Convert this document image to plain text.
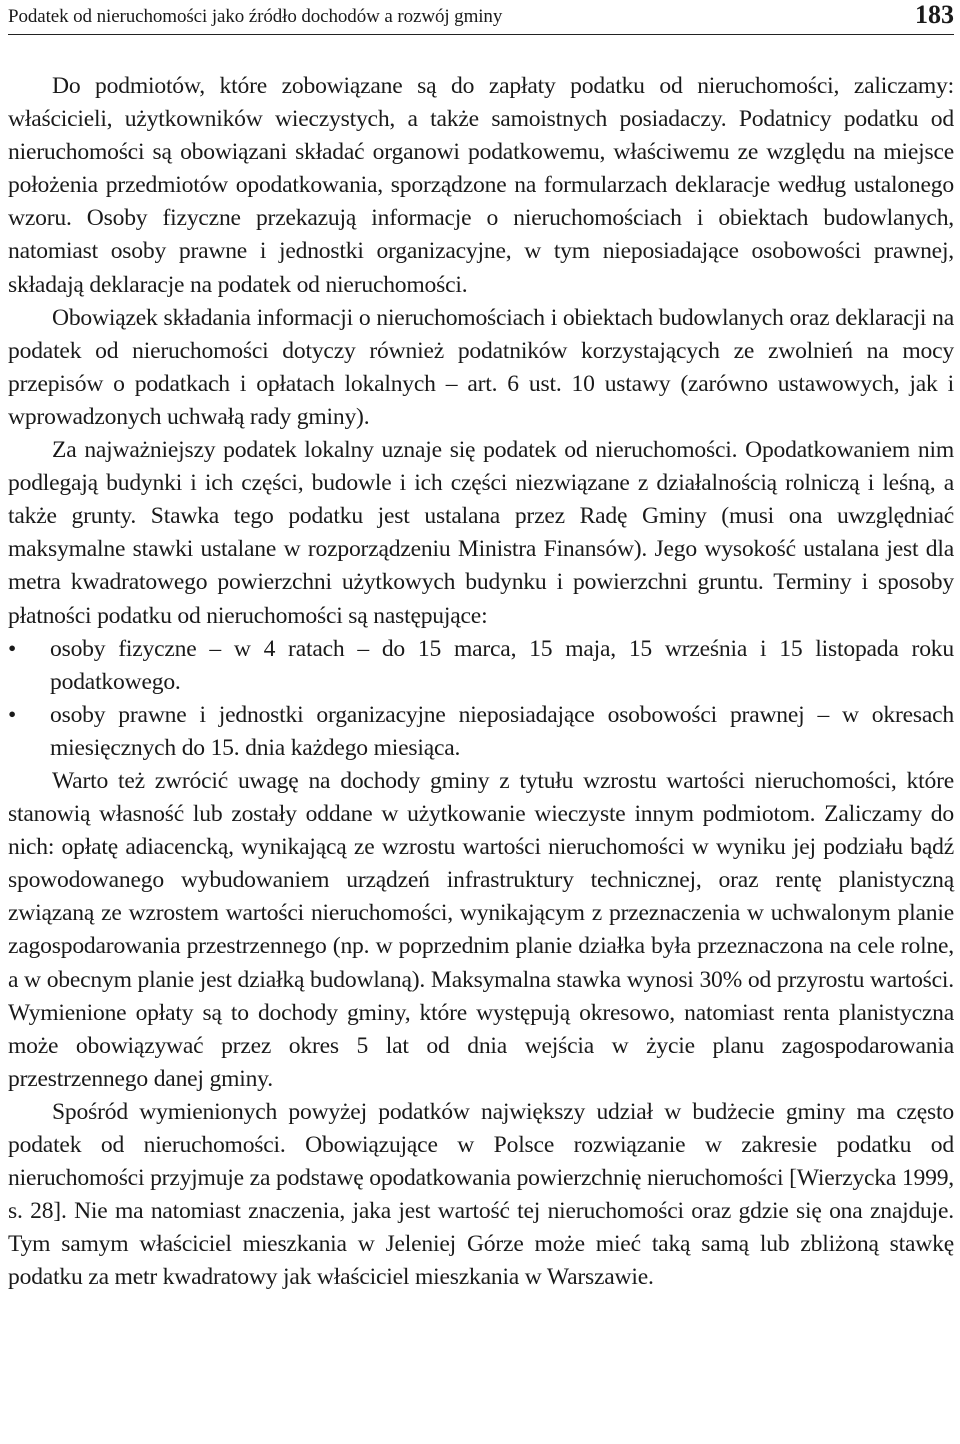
Podatek od nieruchomości jako źródło dochodów a rozwój gminy	183

Do podmiotów, które zobowiązane są do zapłaty podatku od nieruchomości, zaliczamy: właścicieli, użytkowników wieczystych, a także samoistnych posiadaczy. Podatnicy podatku od nieruchomości są obowiązani składać organowi podatkowemu, właściwemu ze względu na miejsce położenia przedmiotów opodatkowania, sporządzone na formularzach deklaracje według ustalonego wzoru. Osoby fizyczne przekazują informacje o nieruchomościach i obiektach budowlanych, natomiast osoby prawne i jednostki organizacyjne, w tym nieposiadające osobowości prawnej, składają deklaracje na podatek od nieruchomości.

Obowiązek składania informacji o nieruchomościach i obiektach budowlanych oraz deklaracji na podatek od nieruchomości dotyczy również podatników korzystających ze zwolnień na mocy przepisów o podatkach i opłatach lokalnych – art. 6 ust. 10 ustawy (zarówno ustawowych, jak i wprowadzonych uchwałą rady gminy).

Za najważniejszy podatek lokalny uznaje się podatek od nieruchomości. Opodatkowaniem nim podlegają budynki i ich części, budowle i ich części niezwiązane z działalnością rolniczą i leśną, a także grunty. Stawka tego podatku jest ustalana przez Radę Gminy (musi ona uwzględniać maksymalne stawki ustalane w rozporządzeniu Ministra Finansów). Jego wysokość ustalana jest dla metra kwadratowego powierzchni użytkowych budynku i powierzchni gruntu. Terminy i sposoby płatności podatku od nieruchomości są następujące:

• osoby fizyczne – w 4 ratach – do 15 marca, 15 maja, 15 września i 15 listopada roku podatkowego.
• osoby prawne i jednostki organizacyjne nieposiadające osobowości prawnej – w okresach miesięcznych do 15. dnia każdego miesiąca.

Warto też zwrócić uwagę na dochody gminy z tytułu wzrostu wartości nieruchomości, które stanowią własność lub zostały oddane w użytkowanie wieczyste innym podmiotom. Zaliczamy do nich: opłatę adiacencką, wynikającą ze wzrostu wartości nieruchomości w wyniku jej podziału bądź spowodowanego wybudowaniem urządzeń infrastruktury technicznej, oraz rentę planistyczną związaną ze wzrostem wartości nieruchomości, wynikającym z przeznaczenia w uchwalonym planie zagospodarowania przestrzennego (np. w poprzednim planie działka była przeznaczona na cele rolne, a w obecnym planie jest działką budowlaną). Maksymalna stawka wynosi 30% od przyrostu wartości. Wymienione opłaty są to dochody gminy, które występują okresowo, natomiast renta planistyczna może obowiązywać przez okres 5 lat od dnia wejścia w życie planu zagospodarowania przestrzennego danej gminy.

Spośród wymienionych powyżej podatków największy udział w budżecie gminy ma często podatek od nieruchomości. Obowiązujące w Polsce rozwiązanie w zakresie podatku od nieruchomości przyjmuje za podstawę opodatkowania powierzchnię nieruchomości [Wierzycka 1999, s. 28]. Nie ma natomiast znaczenia, jaka jest wartość tej nieruchomości oraz gdzie się ona znajduje. Tym samym właściciel mieszkania w Jeleniej Górze może mieć taką samą lub zbliżoną stawkę podatku za metr kwadratowy jak właściciel mieszkania w Warszawie.
